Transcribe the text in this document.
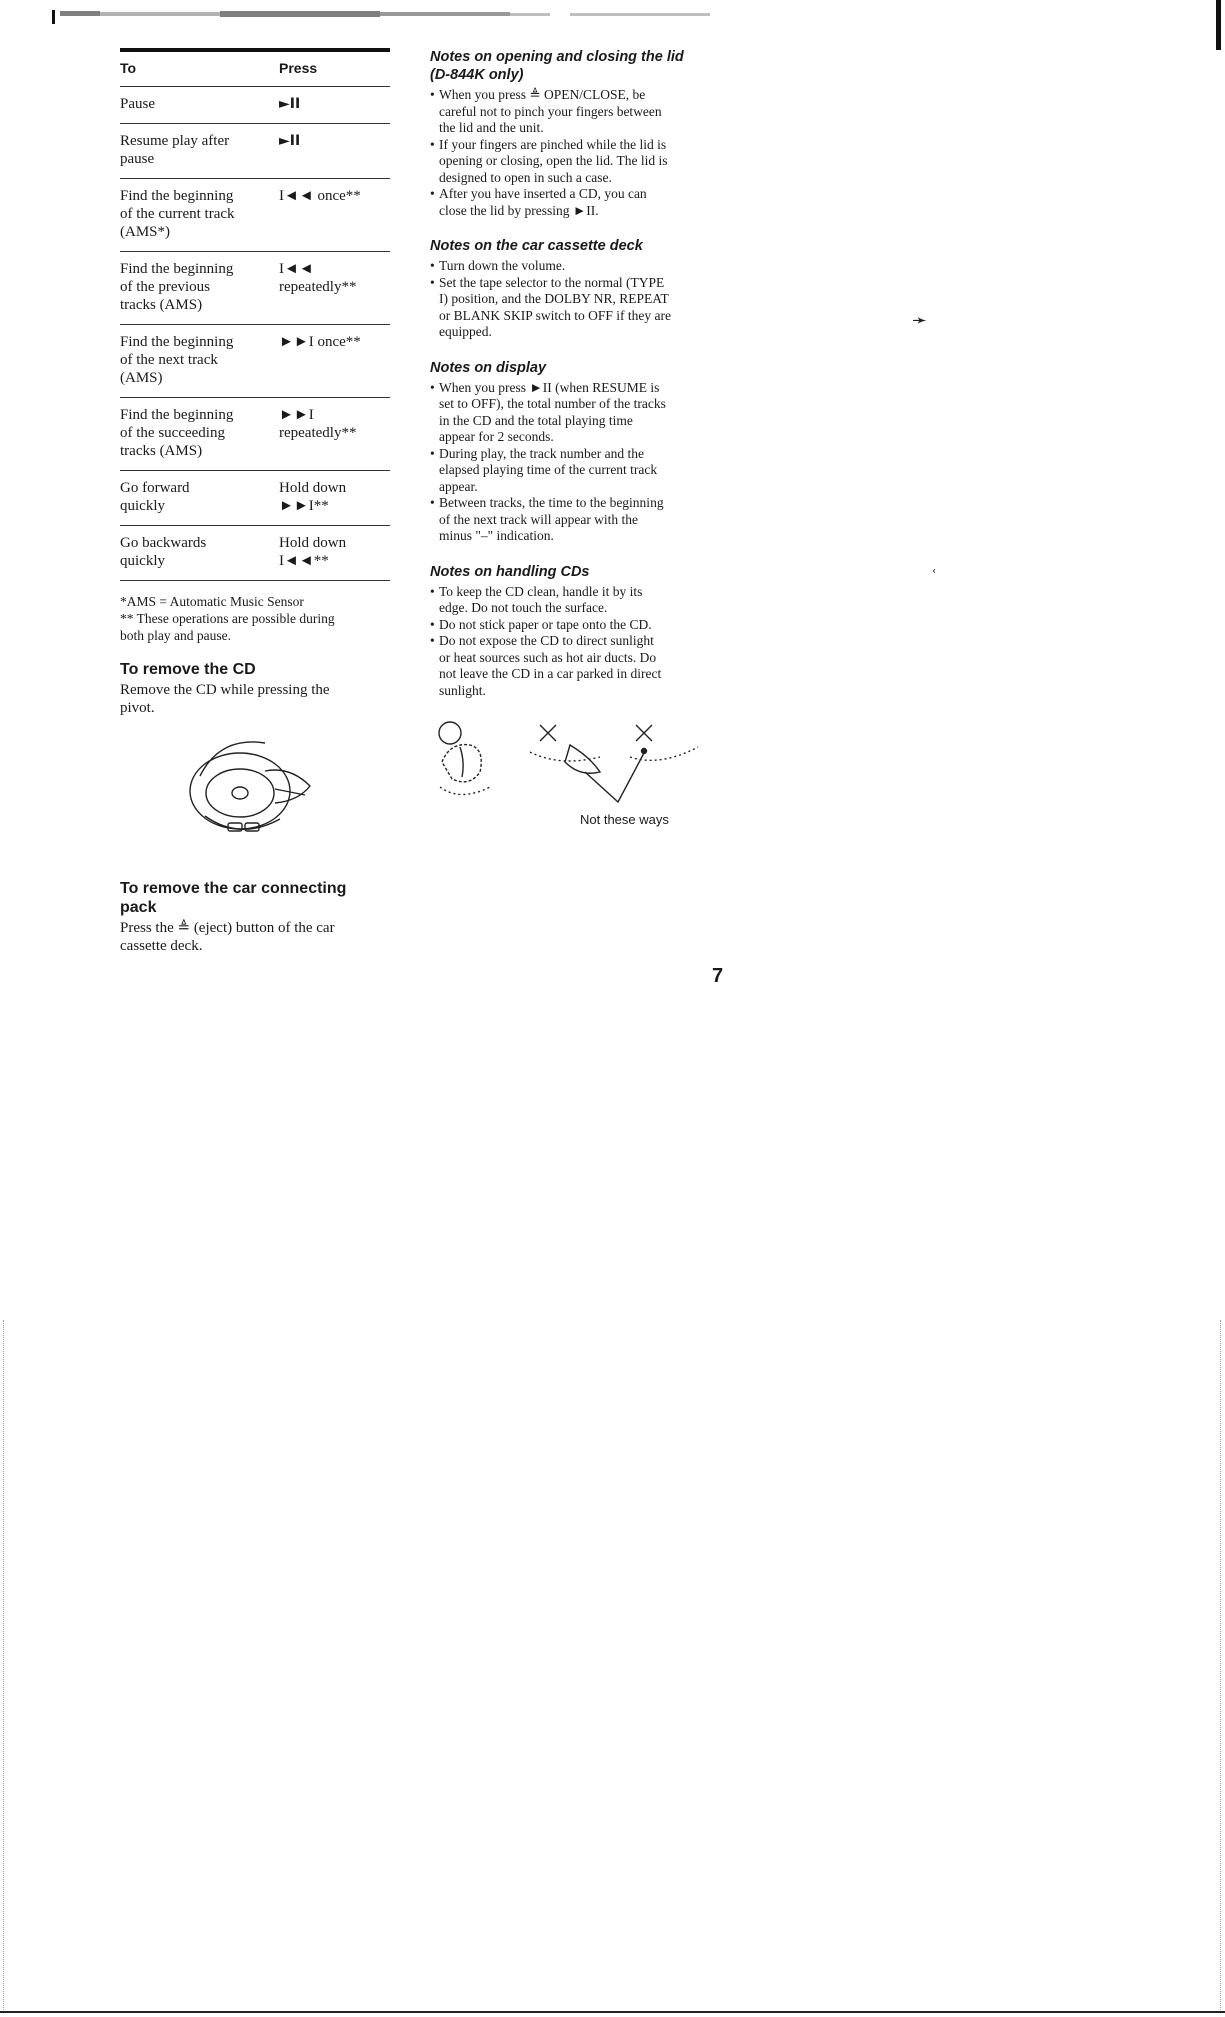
➛
‹
To	Press
Pause	►II
Resume play after
pause
►II
Find the beginning
of the current track
(AMS*)
I◄◄ once**
Find the beginning
of the previous
tracks (AMS)
I◄◄
repeatedly**
Find the beginning
of the next track
(AMS)
►►I once**
Find the beginning
of the succeeding
tracks (AMS)
►►I
repeatedly**
Go forward
quickly
Hold down
►►I**
Go backwards
quickly
Hold down
I◄◄**
*AMS = Automatic Music Sensor
** These operations are possible during
both play and pause.
To remove the CD

Remove the CD while pressing the
pivot.

To remove the car connecting
pack

Press the ≜ (eject) button of the car
cassette deck.

Notes on opening and closing the lid
(D-844K only)
• When you press ≜ OPEN/CLOSE, be
careful not to pinch your fingers between
the lid and the unit.
• If your fingers are pinched while the lid is
opening or closing, open the lid. The lid is
designed to open in such a case.
• After you have inserted a CD, you can
close the lid by pressing ►II.
Notes on the car cassette deck
• Turn down the volume.
• Set the tape selector to the normal (TYPE
I) position, and the DOLBY NR, REPEAT
or BLANK SKIP switch to OFF if they are
equipped.
Notes on display
• When you press ►II (when RESUME is
set to OFF), the total number of the tracks
in the CD and the total playing time
appear for 2 seconds.
• During play, the track number and the
elapsed playing time of the current track
appear.
• Between tracks, the time to the beginning
of the next track will appear with the
minus "–" indication.
Notes on handling CDs
• To keep the CD clean, handle it by its
edge. Do not touch the surface.
• Do not stick paper or tape onto the CD.
• Do not expose the CD to direct sunlight
or heat sources such as hot air ducts. Do
not leave the CD in a car parked in direct
sunlight.
Not these ways
7
